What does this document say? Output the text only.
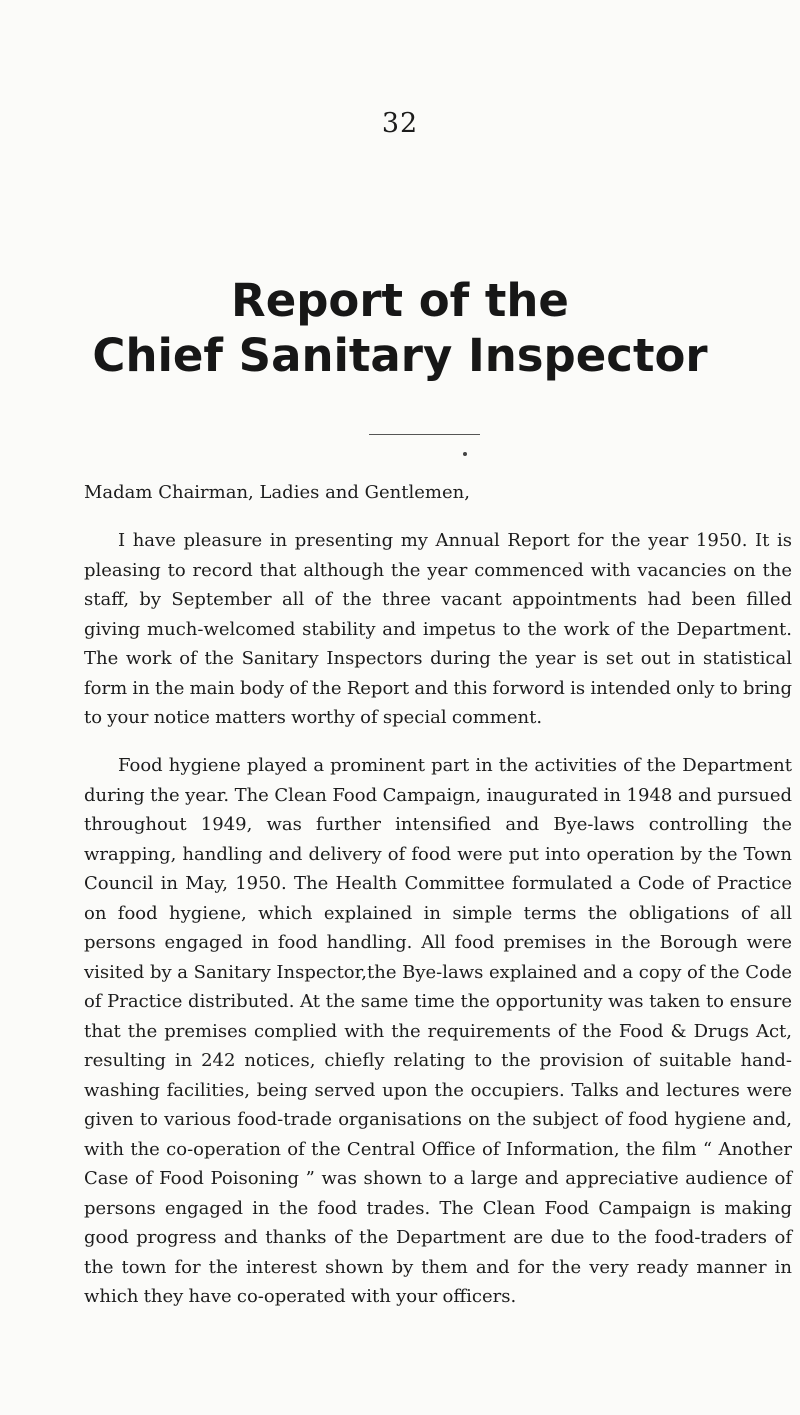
32
Report of the
Chief Sanitary Inspector

Madam Chairman, Ladies and Gentlemen,

I have pleasure in presenting my Annual Report for the year 1950. It is pleasing to record that although the year commenced with vacancies on the staff, by September all of the three vacant appointments had been filled giving much-welcomed stability and impetus to the work of the Department. The work of the Sanitary Inspectors during the year is set out in statistical form in the main body of the Report and this forword is intended only to bring to your notice matters worthy of special comment.

Food hygiene played a prominent part in the activities of the Department during the year. The Clean Food Campaign, inaugurated in 1948 and pursued throughout 1949, was further intensified and Bye-laws controlling the wrapping, handling and delivery of food were put into operation by the Town Council in May, 1950. The Health Committee formulated a Code of Practice on food hygiene, which explained in simple terms the obligations of all persons engaged in food handling. All food premises in the Borough were visited by a Sanitary Inspector,the Bye-laws explained and a copy of the Code of Practice distributed. At the same time the opportunity was taken to ensure that the premises complied with the requirements of the Food & Drugs Act, resulting in 242 notices, chiefly relating to the provision of suitable hand-washing facilities, being served upon the occupiers. Talks and lectures were given to various food-trade organisations on the subject of food hygiene and, with the co-operation of the Central Office of Information, the film “ Another Case of Food Poisoning ” was shown to a large and appreciative audience of persons engaged in the food trades. The Clean Food Campaign is making good progress and thanks of the Department are due to the food-traders of the town for the interest shown by them and for the very ready manner in which they have co-operated with your officers.
